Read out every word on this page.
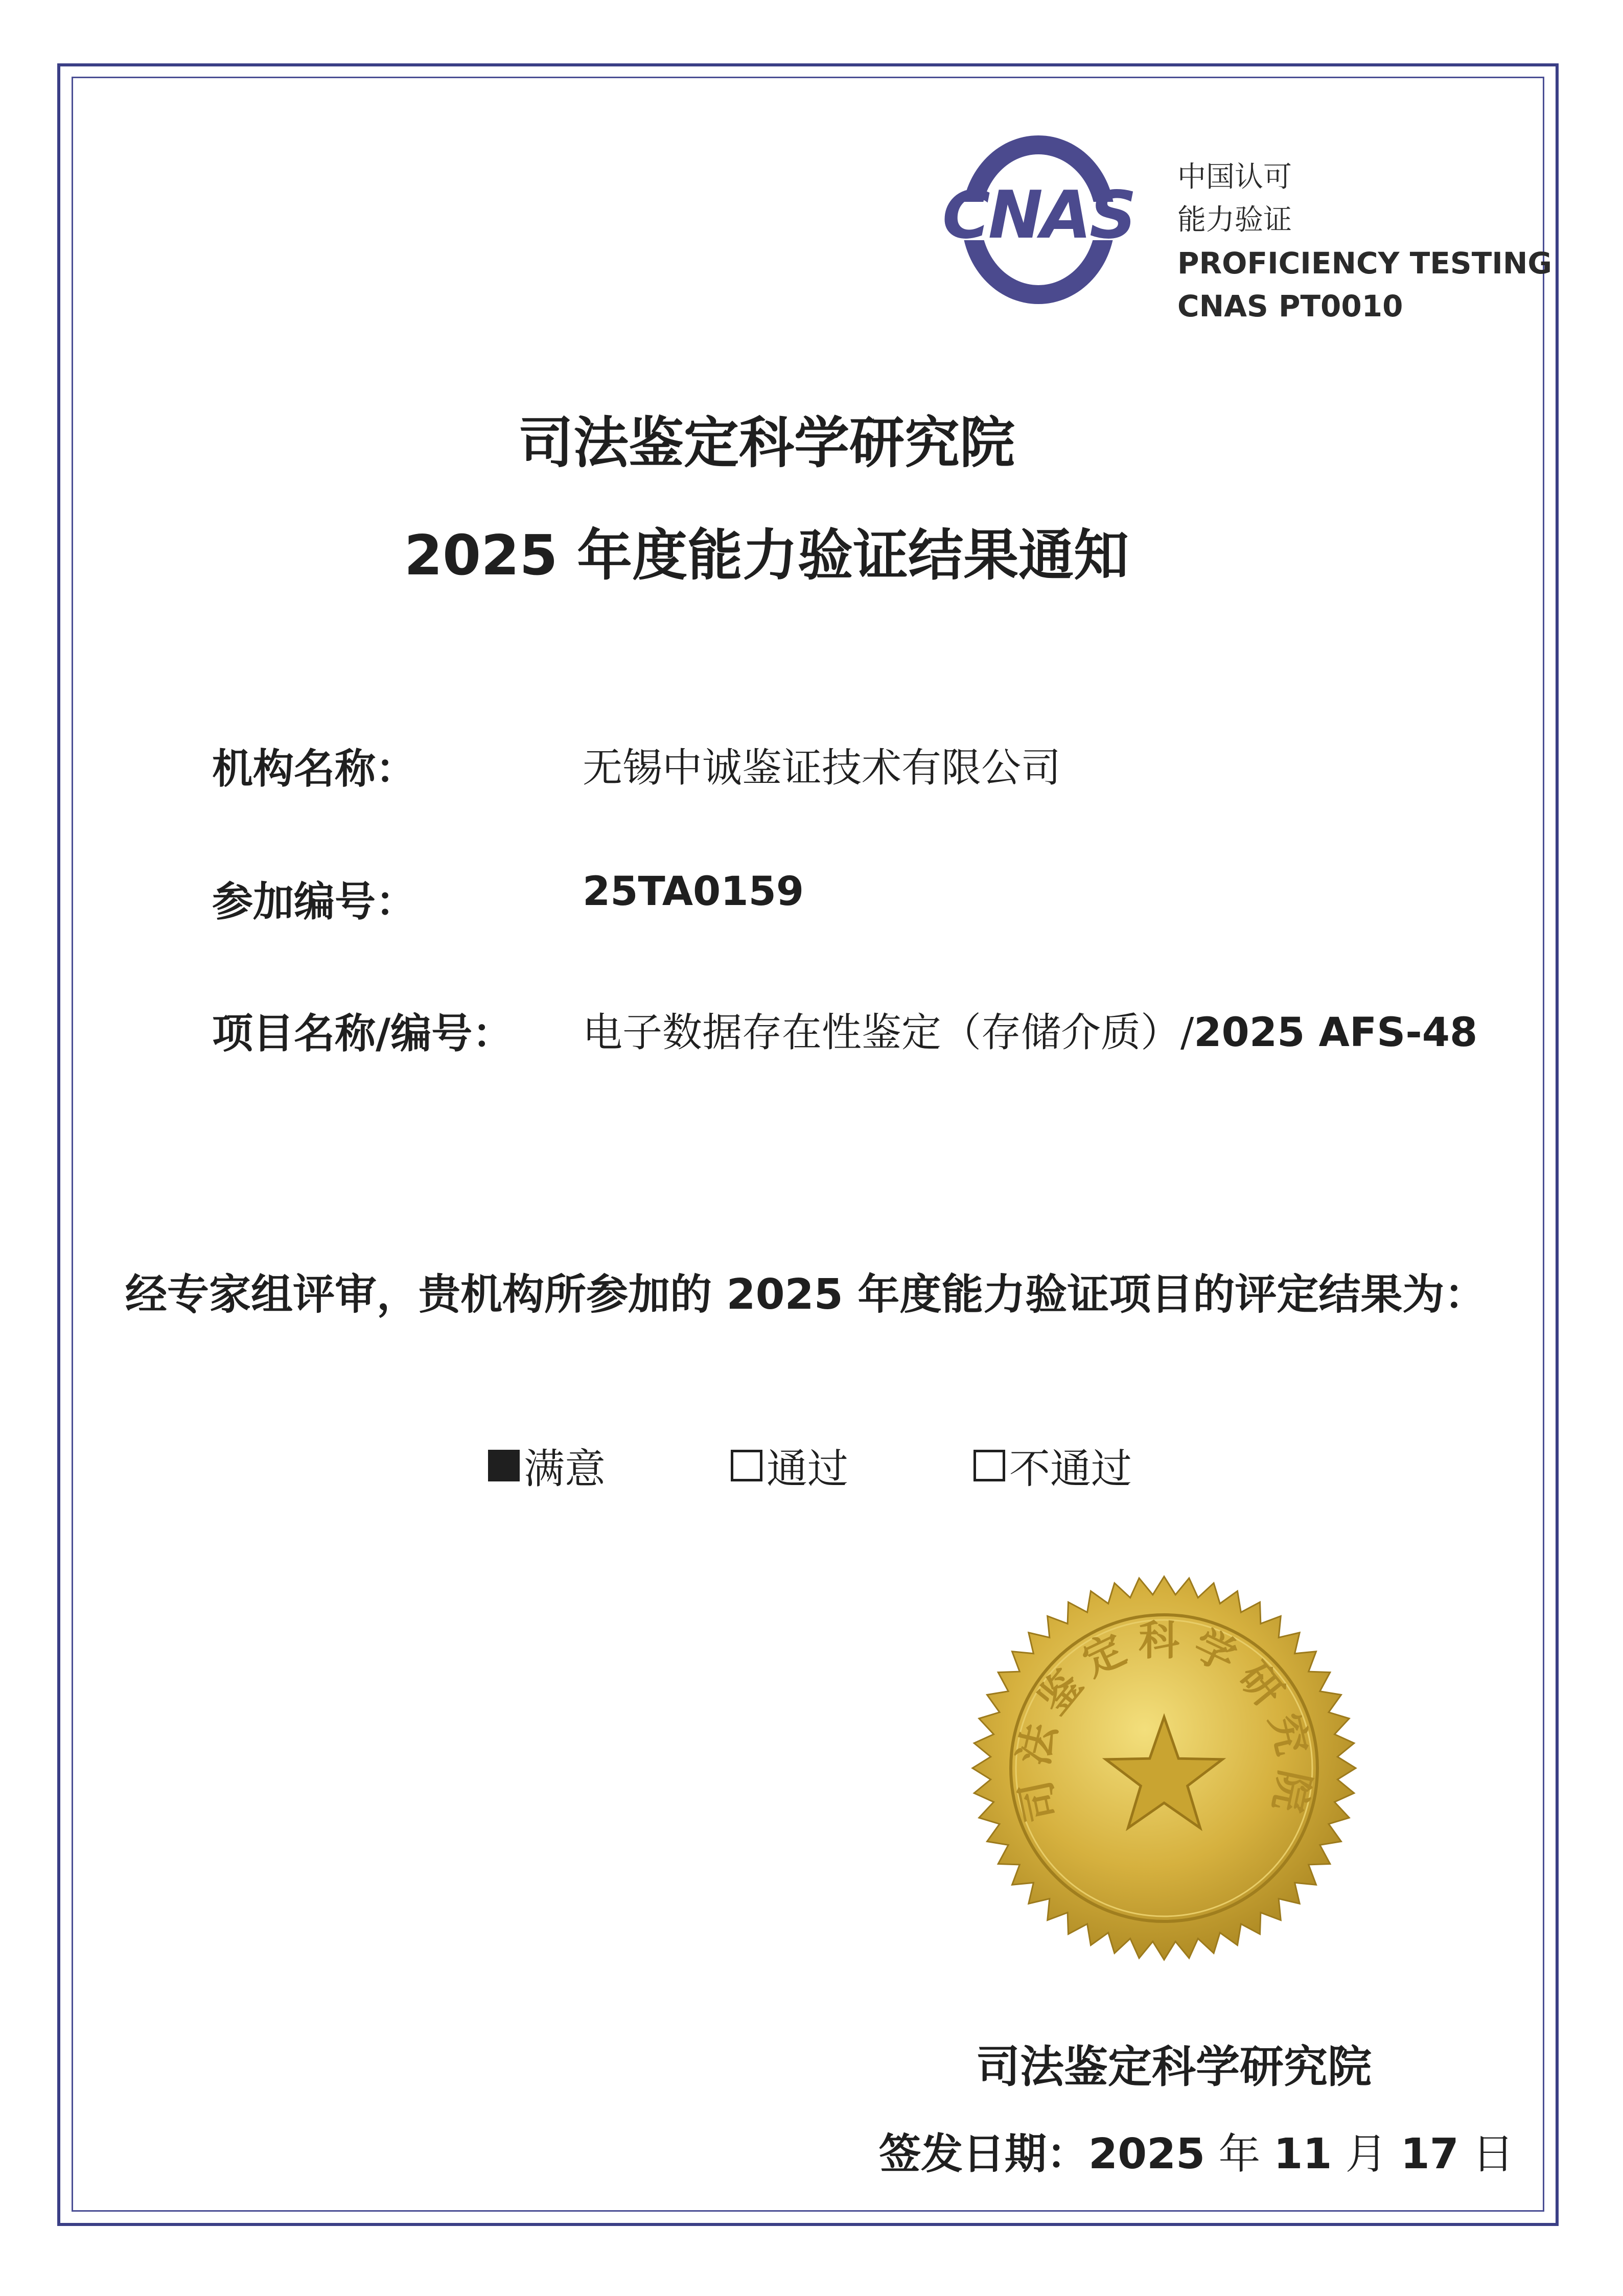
CNAS
中国认可
能力验证
PROFICIENCY TESTING
CNAS PT0010
司法鉴定科学研究院
2025 年度能力验证结果通知
机构名称：	无锡中诚鉴证技术有限公司
参加编号：	25TA0159
项目名称/编号： 电子数据存在性鉴定（存储介质）/2025 AFS-48
经专家组评审，贵机构所参加的 2025 年度能力验证项目的评定结果为：
满意	通过	不通过
司法鉴定科学研究院
司法鉴定科学研究院
签发日期：2025 年 11 月 17 日
